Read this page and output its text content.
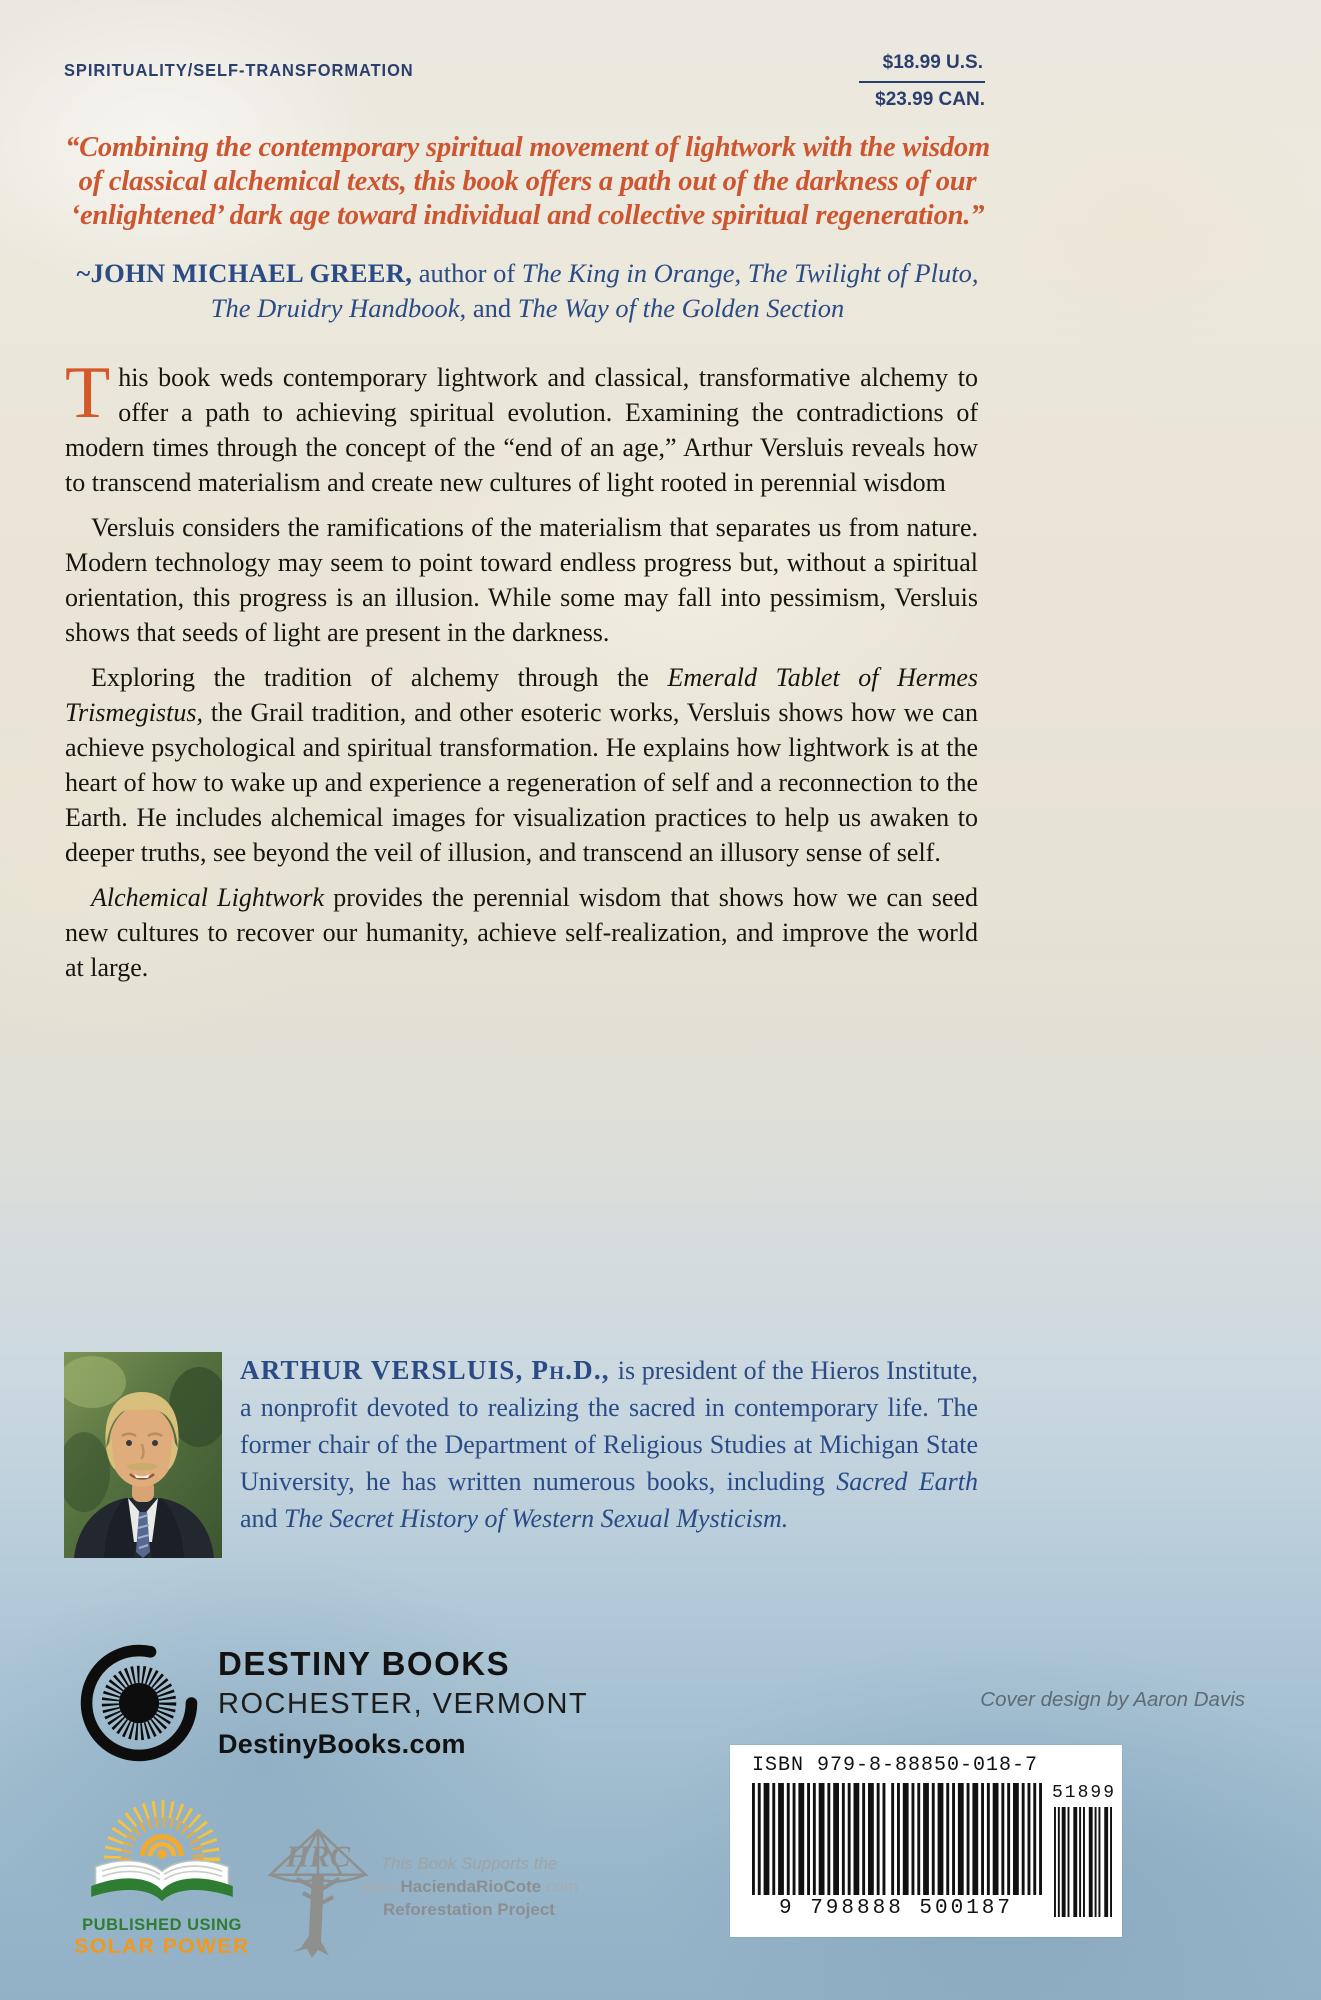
SPIRITUALITY/SELF-TRANSFORMATION	$18.99 U.S.
$23.99 CAN.
“Combining the contemporary spiritual movement of lightwork with the wisdom of classical alchemical texts, this book offers a path out of the darkness of our ‘enlightened’ dark age toward individual and collective spiritual regeneration.”
~JOHN MICHAEL GREER, author of The King in Orange, The Twilight of Pluto, The Druidry Handbook, and The Way of the Golden Section

This book weds contemporary lightwork and classical, transformative alchemy to offer a path to achieving spiritual evolution. Examining the contradictions of modern times through the concept of the “end of an age,” Arthur Versluis reveals how to transcend materialism and create new cultures of light rooted in perennial wisdom

Versluis considers the ramifications of the materialism that separates us from nature. Modern technology may seem to point toward endless progress but, without a spiritual orientation, this progress is an illusion. While some may fall into pessimism, Versluis shows that seeds of light are present in the darkness.

Exploring the tradition of alchemy through the Emerald Tablet of Hermes Trismegistus, the Grail tradition, and other esoteric works, Versluis shows how we can achieve psychological and spiritual transformation. He explains how lightwork is at the heart of how to wake up and experience a regeneration of self and a reconnection to the Earth. He includes alchemical images for visualization practices to help us awaken to deeper truths, see beyond the veil of illusion, and transcend an illusory sense of self.

Alchemical Lightwork provides the perennial wisdom that shows how we can seed new cultures to recover our humanity, achieve self-realization, and improve the world at large.

ARTHUR VERSLUIS, Ph.D., is president of the Hieros Institute, a nonprofit devoted to realizing the sacred in contemporary life. The former chair of the Department of Religious Studies at Michigan State University, he has written numerous books, including Sacred Earth and The Secret History of Western Sexual Mysticism.
DESTINY BOOKS
ROCHESTER, VERMONT
DestinyBooks.com
Cover design by Aaron Davis
ISBN 979-8-88850-018-7
9 798888 500187
51899
PUBLISHED USING
SOLAR POWER
HRC	This Book Supports the
www.HaciendaRioCote.com
Reforestation Project
